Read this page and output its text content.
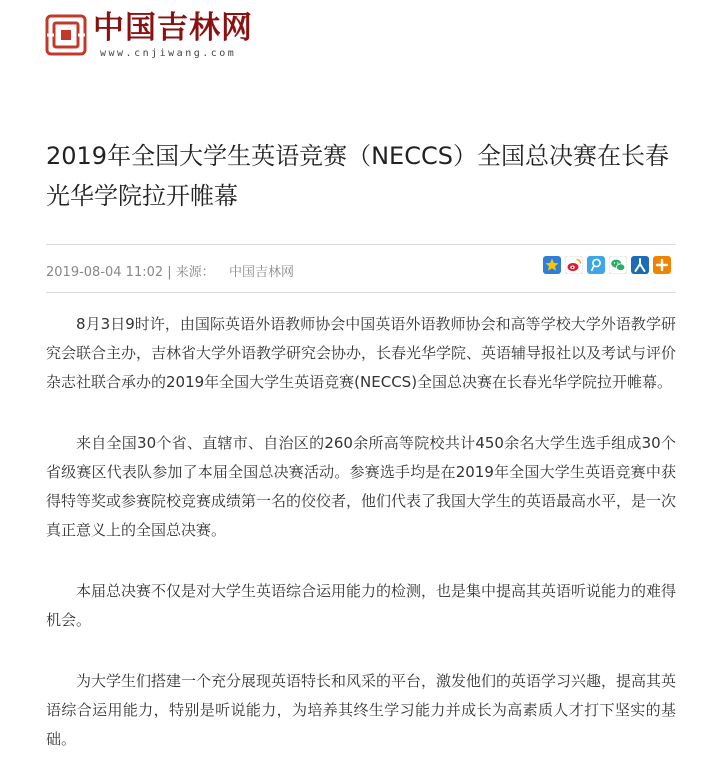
中国吉林网
www.cnjiwang.com
2019年全国大学生英语竞赛（NECCS）全国总决赛在长春光华学院拉开帷幕
2019-08-04 11:02 | 来源： 中国吉林网

8月3日9时许，由国际英语外语教师协会中国英语外语教师协会和高等学校大学外语教学研究会联合主办，吉林省大学外语教学研究会协办，长春光华学院、英语辅导报社以及考试与评价杂志社联合承办的2019年全国大学生英语竞赛(NECCS)全国总决赛在长春光华学院拉开帷幕。

来自全国30个省、直辖市、自治区的260余所高等院校共计450余名大学生选手组成30个省级赛区代表队参加了本届全国总决赛活动。参赛选手均是在2019年全国大学生英语竞赛中获得特等奖或参赛院校竞赛成绩第一名的佼佼者，他们代表了我国大学生的英语最高水平，是一次真正意义上的全国总决赛。

本届总决赛不仅是对大学生英语综合运用能力的检测，也是集中提高其英语听说能力的难得机会。

为大学生们搭建一个充分展现英语特长和风采的平台，激发他们的英语学习兴趣，提高其英语综合运用能力，特别是听说能力，为培养其终生学习能力并成长为高素质人才打下坚实的基础。
